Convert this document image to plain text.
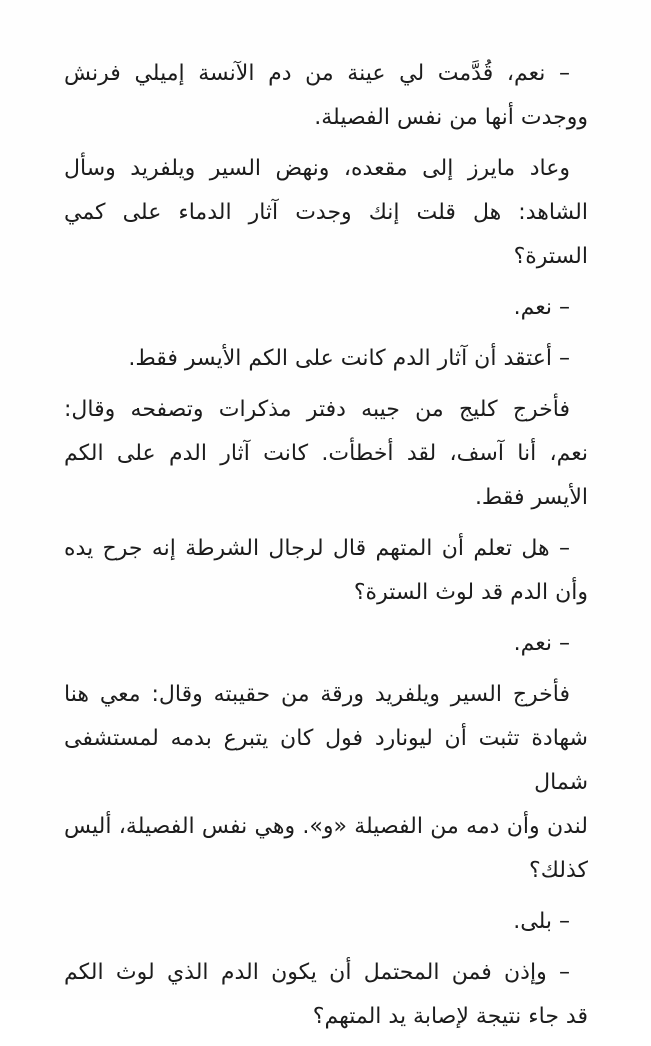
– نعم، قُدَّمت لي عينة من دم الآنسة إميلي فرنش
ووجدت أنها من نفس الفصيلة.
وعاد مايرز إلى مقعده، ونهض السير ويلفريد وسأل
الشاهد: هل قلت إنك وجدت آثار الدماء على كمي
السترة؟
– نعم.
– أعتقد أن آثار الدم كانت على الكم الأيسر فقط.
فأخرج كليج من جيبه دفتر مذكرات وتصفحه وقال:
نعم، أنا آسف، لقد أخطأت. كانت آثار الدم على الكم
الأيسر فقط.
– هل تعلم أن المتهم قال لرجال الشرطة إنه جرح يده
وأن الدم قد لوث السترة؟
– نعم.
فأخرج السير ويلفريد ورقة من حقيبته وقال: معي هنا
شهادة تثبت أن ليونارد فول كان يتبرع بدمه لمستشفى شمال
لندن وأن دمه من الفصيلة «و». وهي نفس الفصيلة، أليس
كذلك؟
– بلى.
– وإذن فمن المحتمل أن يكون الدم الذي لوث الكم
قد جاء نتيجة لإصابة يد المتهم؟
